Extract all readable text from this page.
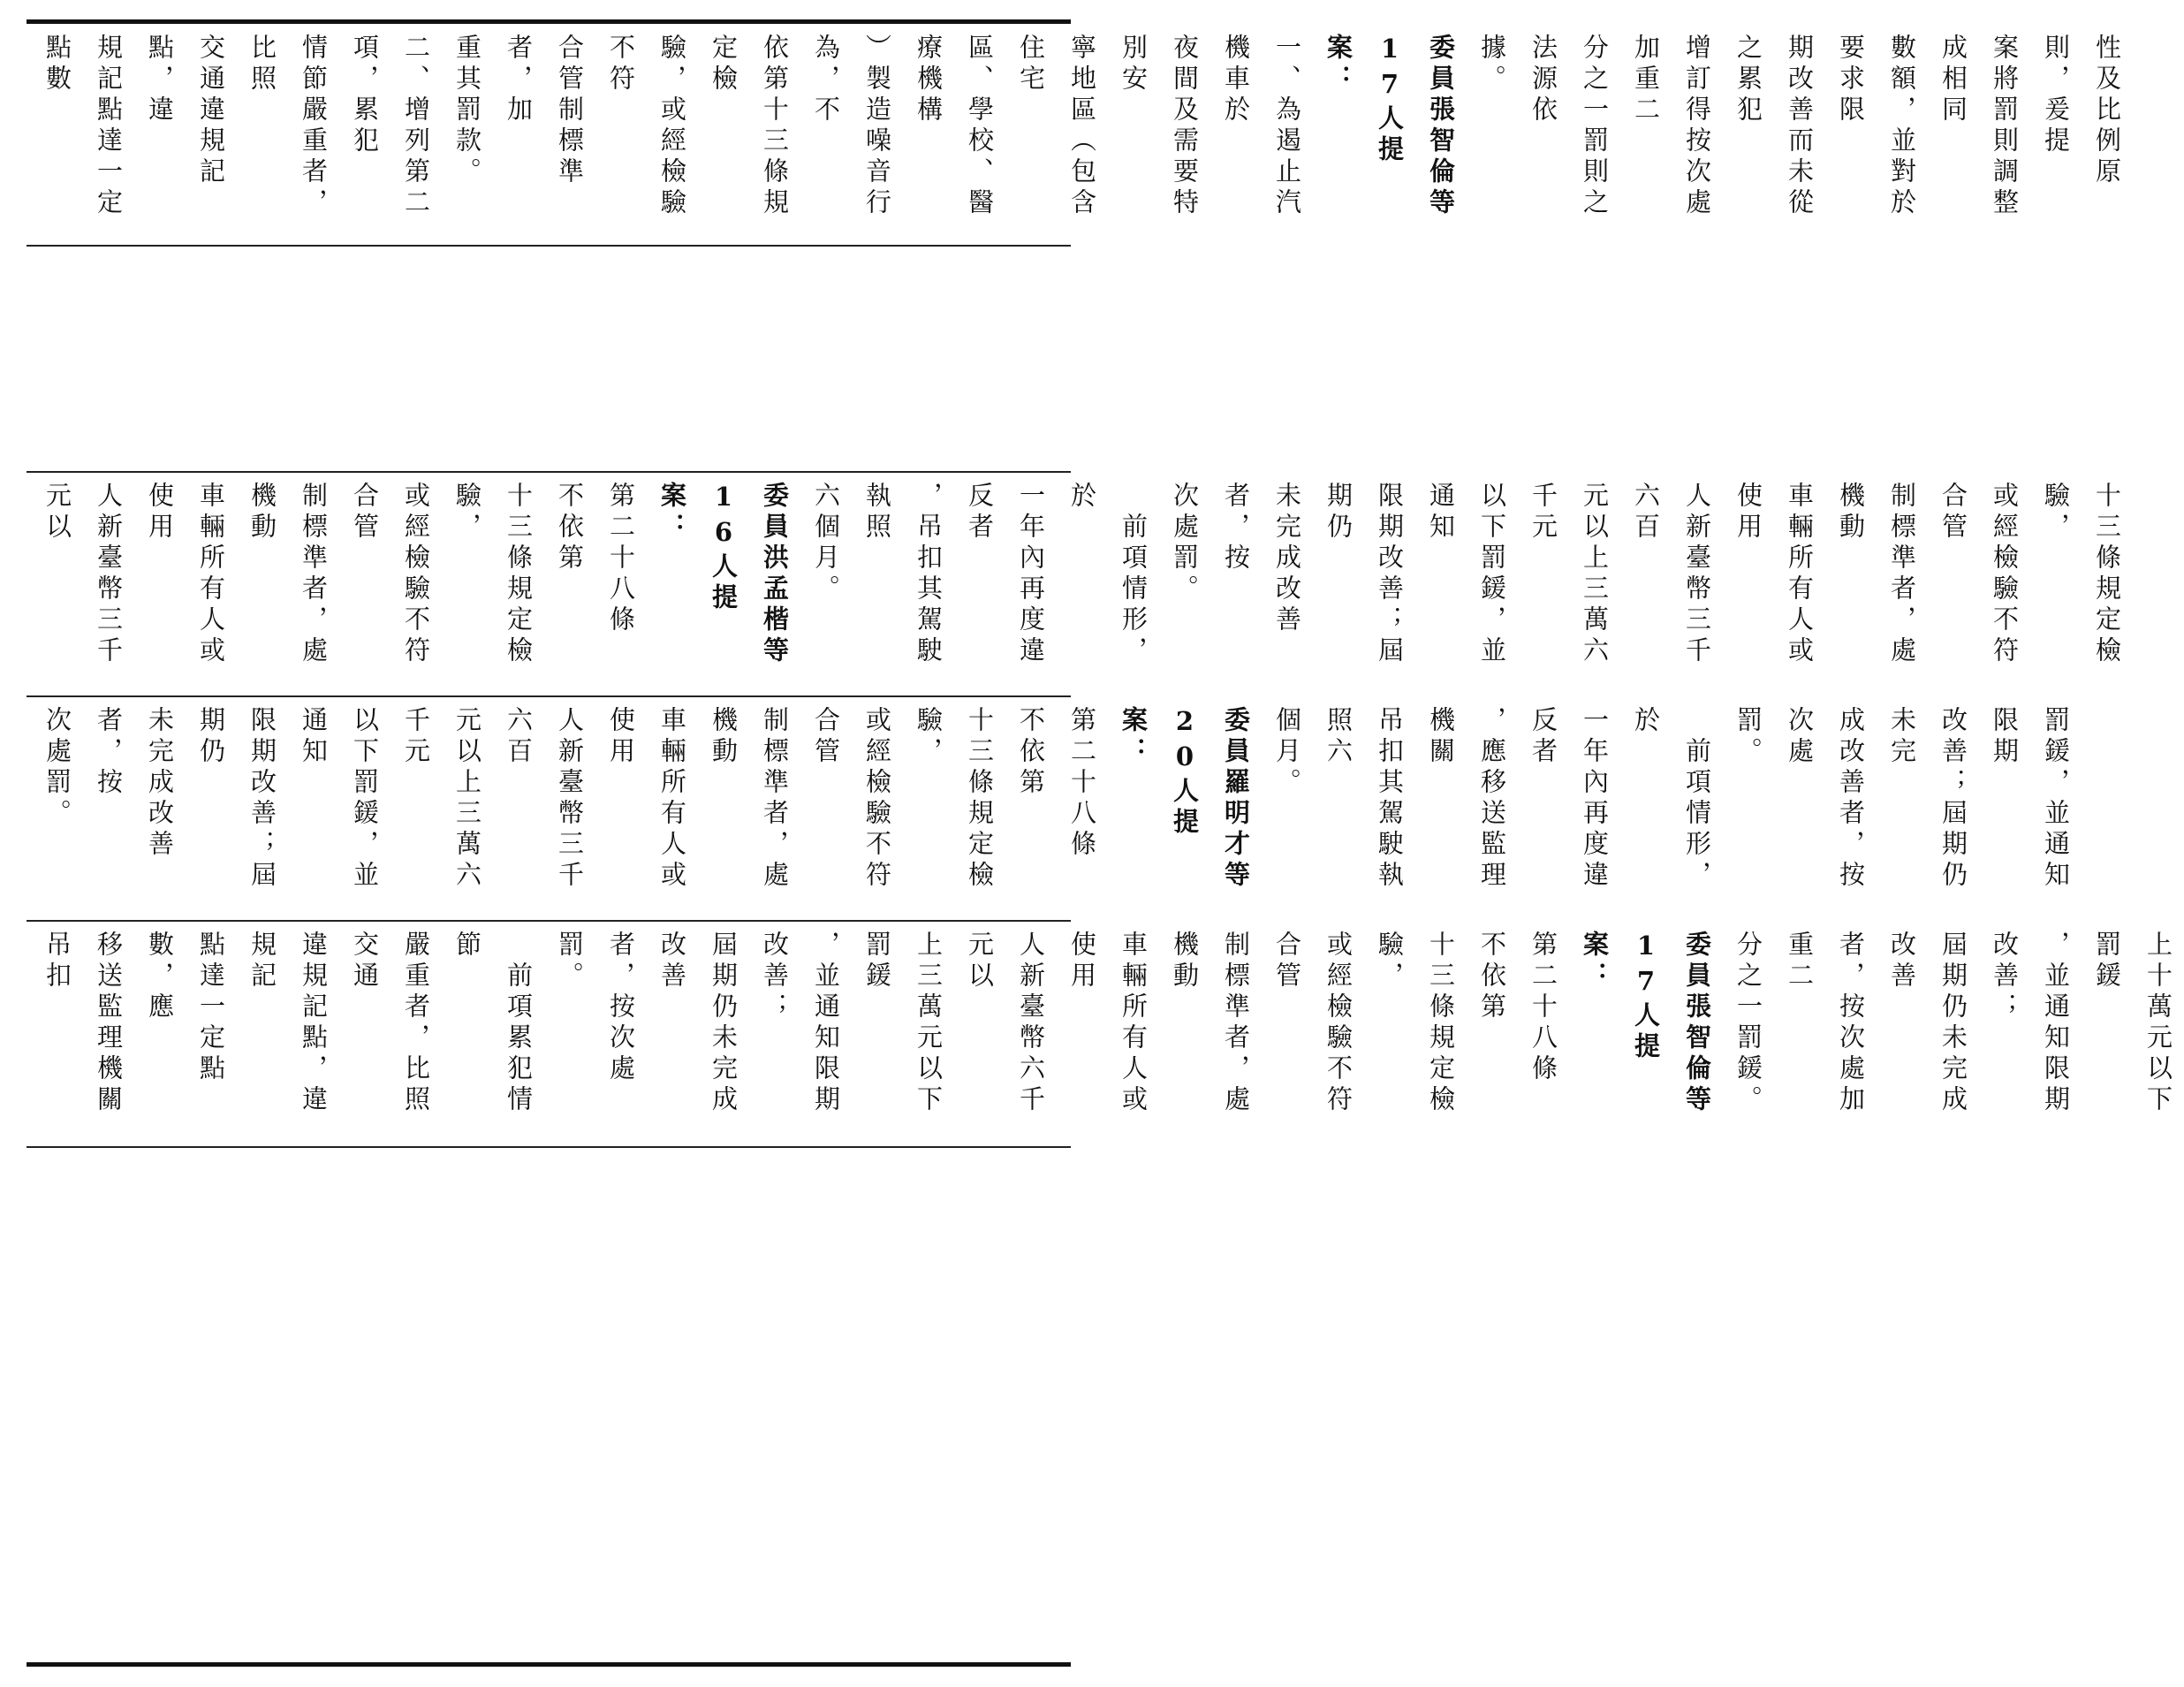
規記點達一定點數	交通違規記點，違	情節嚴重者，比照	二、增列第二項，累犯	重其罰款。	合管制標準者，加	驗，或經檢驗不符	依第十三條規定檢	）製造噪音行為，不	區、學校、醫療機構	寧地區（包含住宅	夜間及需要特別安	一、為遏止汽機車於	案：	委員張智倫等17人提	據。	分之一罰則之法源依	增訂得按次處加重二	期改善而未從之累犯	數額，並對於要求限	案將罰則調整成相同	性及比例原則，爰提
人新臺幣三千元以	車輛所有人或使用	制標準者，處機動	或經檢驗不符合管	十三條規定檢驗，	第二十八條　不依第	案：	委員洪孟楷等16人提	六個月。	，吊扣其駕駛執照	一年內再度違反者	　前項情形，於	次處罰。	未完成改善者，按	限期改善；屆期仍	以下罰鍰，並通知	元以上三萬六千元	人新臺幣三千六百	車輛所有人或使用	制標準者，處機動	或經檢驗不符合管	十三條規定檢驗，
次處罰。	未完成改善者，按	限期改善；屆期仍	以下罰鍰，並通知	元以上三萬六千元	人新臺幣三千六百	車輛所有人或使用	制標準者，處機動	或經檢驗不符合管	十三條規定檢驗，	第二十八條　不依第	案：	委員羅明才等20人提	個月。	吊扣其駕駛執照六	，應移送監理機關	一年內再度違反者	　前項情形，於	罰。	成改善者，按次處	改善；屆期仍未完	罰鍰，並通知限期
移送監理機關吊扣	點達一定點數，應	違規記點，違規記	嚴重者，比照交通	　前項累犯情節	者，按次處罰。	屆期仍未完成改善	，並通知限期改善；	上三萬元以下罰鍰	人新臺幣六千元以	車輛所有人或使用	制標準者，處機動	或經檢驗不符合管	十三條規定檢驗，	第二十八條　不依第	案：	委員張智倫等17人提	分之一罰鍰。	者，按次處加重二	屆期仍未完成改善	，並通知限期改善；	上十萬元以下罰鍰
